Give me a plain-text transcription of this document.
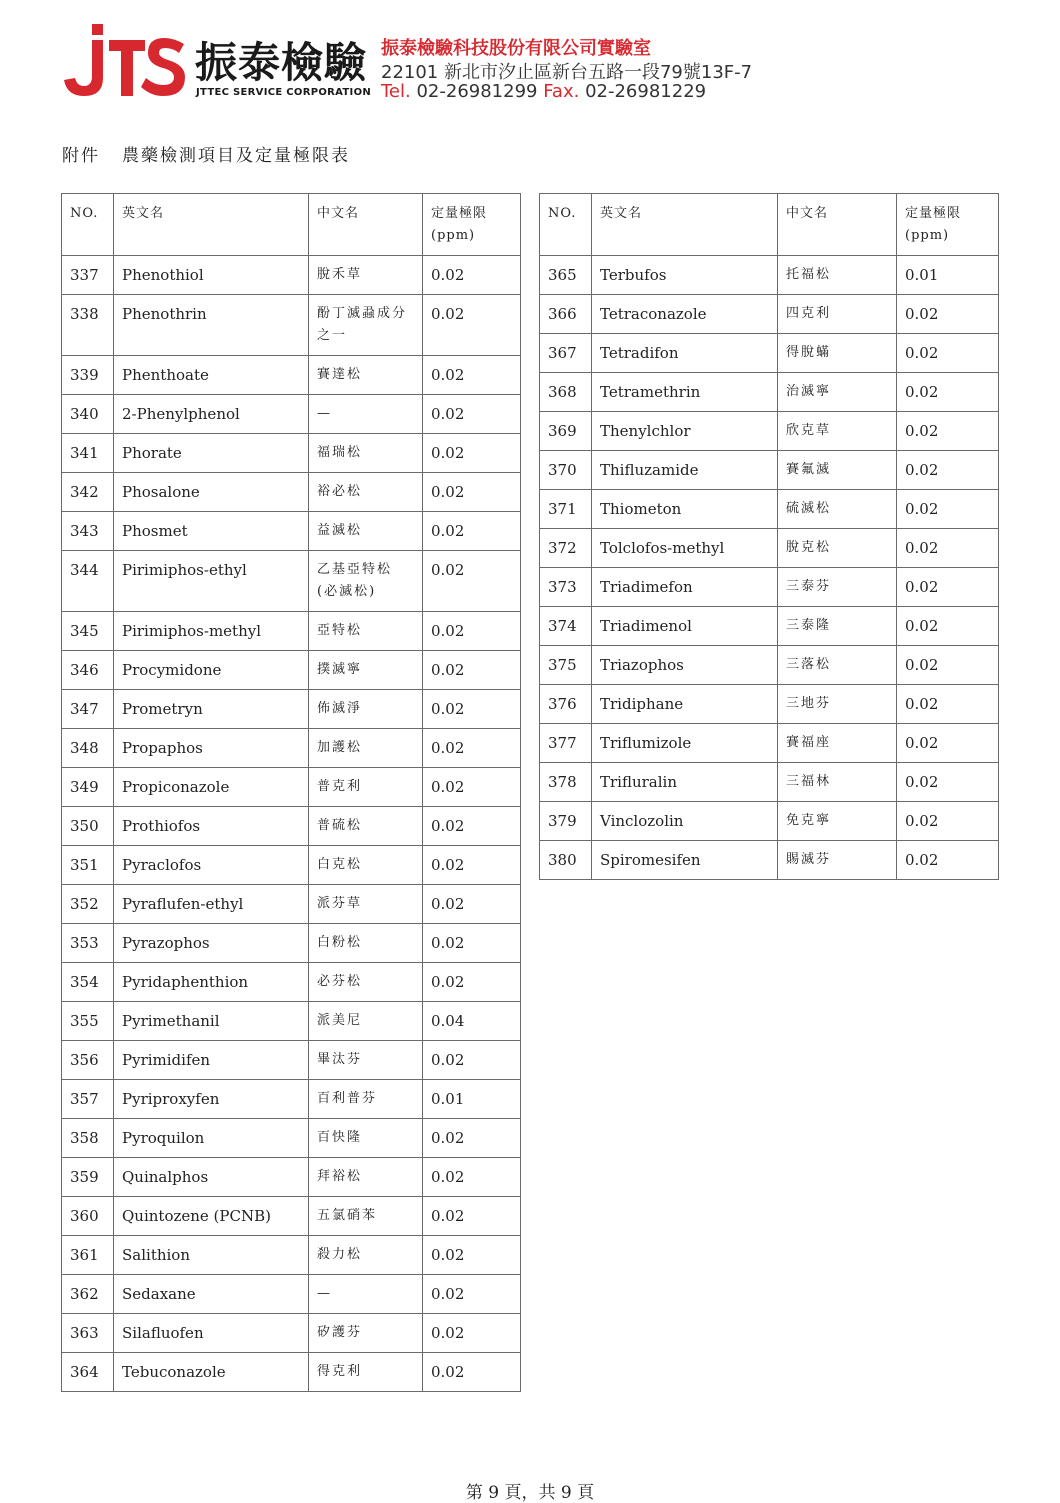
振泰檢驗
JTTEC SERVICE CORPORATION
振泰檢驗科技股份有限公司實驗室
22101 新北市汐止區新台五路一段79號13F-7
Tel. 02-26981299 Fax. 02-26981229
附件 農藥檢測項目及定量極限表
NO.	英文名	中文名	定量極限
(ppm)
337	Phenothiol	脫禾草	0.02
338	Phenothrin	酚丁滅蝨成分之一	0.02
339	Phenthoate	賽達松	0.02
340	2-Phenylphenol	—	0.02
341	Phorate	福瑞松	0.02
342	Phosalone	裕必松	0.02
343	Phosmet	益滅松	0.02
344	Pirimiphos-ethyl	乙基亞特松(必滅松)	0.02
345	Pirimiphos-methyl	亞特松	0.02
346	Procymidone	撲滅寧	0.02
347	Prometryn	佈滅淨	0.02
348	Propaphos	加護松	0.02
349	Propiconazole	普克利	0.02
350	Prothiofos	普硫松	0.02
351	Pyraclofos	白克松	0.02
352	Pyraflufen-ethyl	派芬草	0.02
353	Pyrazophos	白粉松	0.02
354	Pyridaphenthion	必芬松	0.02
355	Pyrimethanil	派美尼	0.04
356	Pyrimidifen	畢汰芬	0.02
357	Pyriproxyfen	百利普芬	0.01
358	Pyroquilon	百快隆	0.02
359	Quinalphos	拜裕松	0.02
360	Quintozene (PCNB)	五氯硝苯	0.02
361	Salithion	殺力松	0.02
362	Sedaxane	—	0.02
363	Silafluofen	矽護芬	0.02
364	Tebuconazole	得克利	0.02
NO.	英文名	中文名	定量極限
(ppm)
365	Terbufos	托福松	0.01
366	Tetraconazole	四克利	0.02
367	Tetradifon	得脫蟎	0.02
368	Tetramethrin	治滅寧	0.02
369	Thenylchlor	欣克草	0.02
370	Thifluzamide	賽氟滅	0.02
371	Thiometon	硫滅松	0.02
372	Tolclofos-methyl	脫克松	0.02
373	Triadimefon	三泰芬	0.02
374	Triadimenol	三泰隆	0.02
375	Triazophos	三落松	0.02
376	Tridiphane	三地芬	0.02
377	Triflumizole	賽福座	0.02
378	Trifluralin	三福林	0.02
379	Vinclozolin	免克寧	0.02
380	Spiromesifen	賜滅芬	0.02
第 9 頁，共 9 頁
